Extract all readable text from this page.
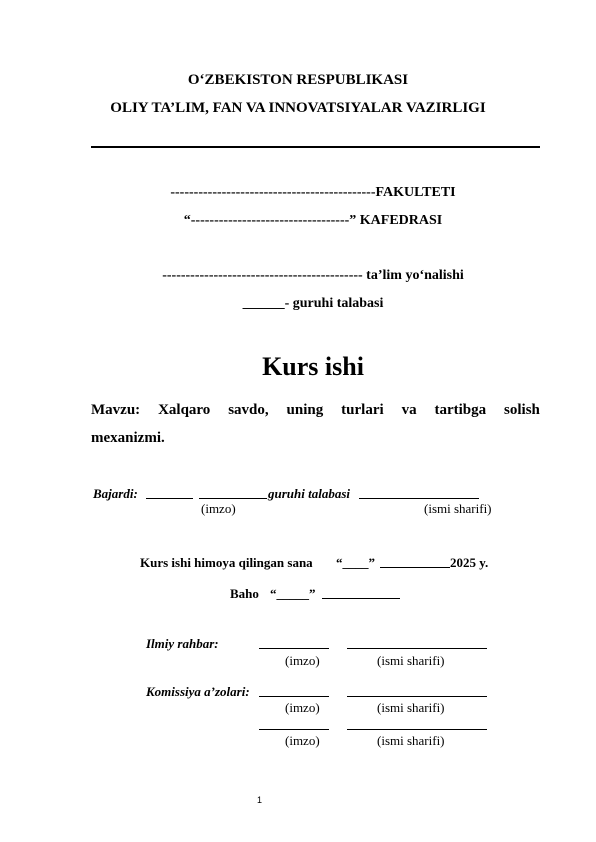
O‘ZBEKISTON RESPUBLIKASI
OLIY TA’LIM, FAN VA INNOVATSIYALAR VAZIRLIGI
--------------------------------------------FAKULTETI
“----------------------------------” KAFEDRASI
------------------------------------------- ta’lim yo‘nalishi
______- guruhi talabasi
Kurs ishi
Mavzu: Xalqaro savdo, uning turlari va tartibga solish
mexanizmi.
Bajardi:	guruhi talabasi
(imzo)	(ismi sharifi)
Kurs ishi himoya qilingan sana “____”	2025 y.
Baho “_____”
Ilmiy rahbar:
(imzo)	(ismi sharifi)
Komissiya a’zolari:
(imzo)	(ismi sharifi)
(imzo)	(ismi sharifi)
1
